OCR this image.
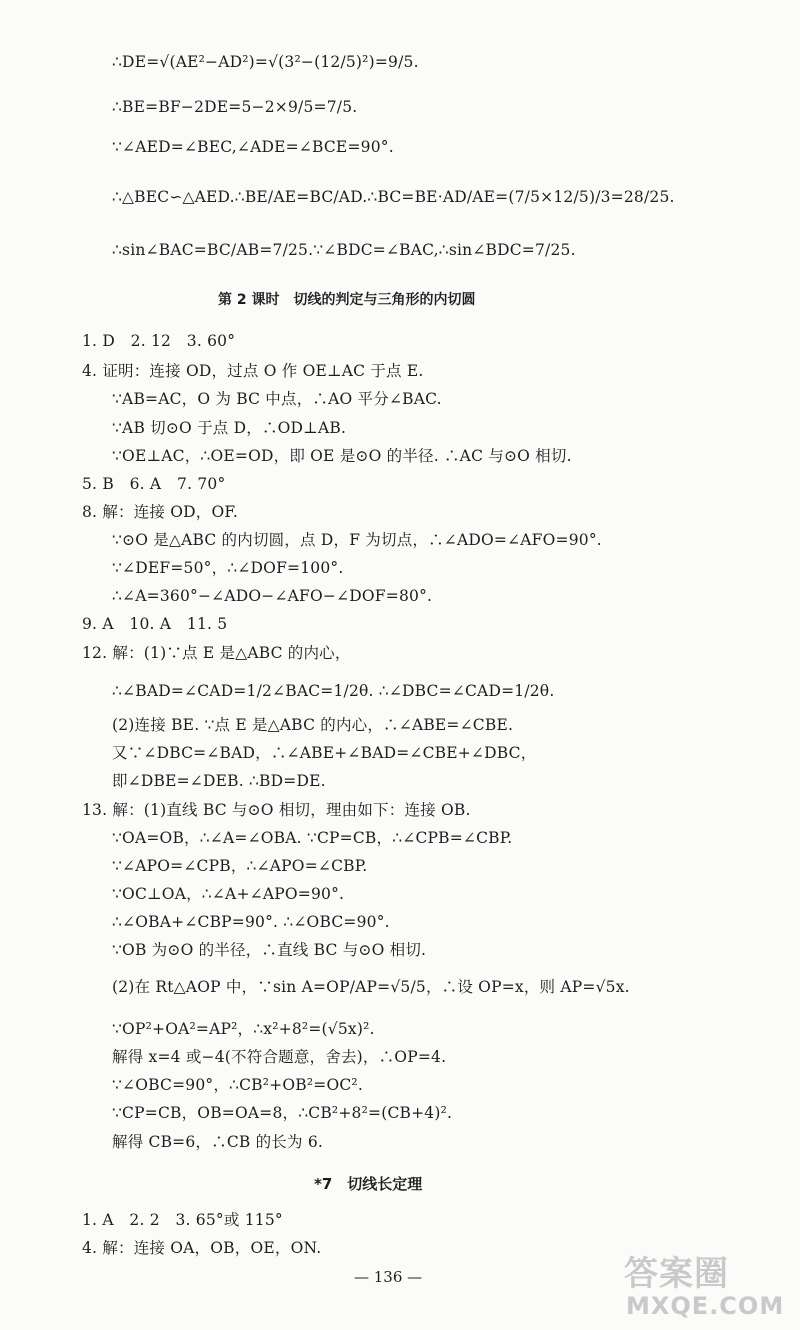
∴DE=√(AE²−AD²)=√(3²−(12/5)²)=9/5.
∴BE=BF−2DE=5−2×9/5=7/5.
∵∠AED=∠BEC,∠ADE=∠BCE=90°.
∴△BEC∽△AED.∴BE/AE=BC/AD.∴BC=BE·AD/AE=(7/5×12/5)/3=28/25.
∴sin∠BAC=BC/AB=7/25.∵∠BDC=∠BAC,∴sin∠BDC=7/25.
第 2 课时　切线的判定与三角形的内切圆
1. D　2. 12　3. 60°
4. 证明：连接 OD，过点 O 作 OE⊥AC 于点 E.
∵AB=AC，O 为 BC 中点，∴AO 平分∠BAC.
∵AB 切⊙O 于点 D，∴OD⊥AB.
∵OE⊥AC，∴OE=OD，即 OE 是⊙O 的半径. ∴AC 与⊙O 相切.
5. B　6. A　7. 70°
8. 解：连接 OD，OF.
∵⊙O 是△ABC 的内切圆，点 D，F 为切点，∴∠ADO=∠AFO=90°.
∵∠DEF=50°，∴∠DOF=100°.
∴∠A=360°−∠ADO−∠AFO−∠DOF=80°.
9. A　10. A　11. 5
12. 解：(1)∵点 E 是△ABC 的内心，
∴∠BAD=∠CAD=1/2∠BAC=1/2θ. ∴∠DBC=∠CAD=1/2θ.
(2)连接 BE. ∵点 E 是△ABC 的内心，∴∠ABE=∠CBE.
又∵∠DBC=∠BAD，∴∠ABE+∠BAD=∠CBE+∠DBC，
即∠DBE=∠DEB. ∴BD=DE.
13. 解：(1)直线 BC 与⊙O 相切，理由如下：连接 OB.
∵OA=OB，∴∠A=∠OBA. ∵CP=CB，∴∠CPB=∠CBP.
∵∠APO=∠CPB，∴∠APO=∠CBP.
∵OC⊥OA，∴∠A+∠APO=90°.
∴∠OBA+∠CBP=90°. ∴∠OBC=90°.
∵OB 为⊙O 的半径，∴直线 BC 与⊙O 相切.
(2)在 Rt△AOP 中，∵sin A=OP/AP=√5/5，∴设 OP=x，则 AP=√5x.
∵OP²+OA²=AP²，∴x²+8²=(√5x)².
解得 x=4 或−4(不符合题意，舍去)，∴OP=4.
∵∠OBC=90°，∴CB²+OB²=OC².
∵CP=CB，OB=OA=8，∴CB²+8²=(CB+4)².
解得 CB=6，∴CB 的长为 6.
*7　切线长定理
1. A　2. 2　3. 65°或 115°
4. 解：连接 OA，OB，OE，ON.
— 136 —	答案圈
MXQE.COM
